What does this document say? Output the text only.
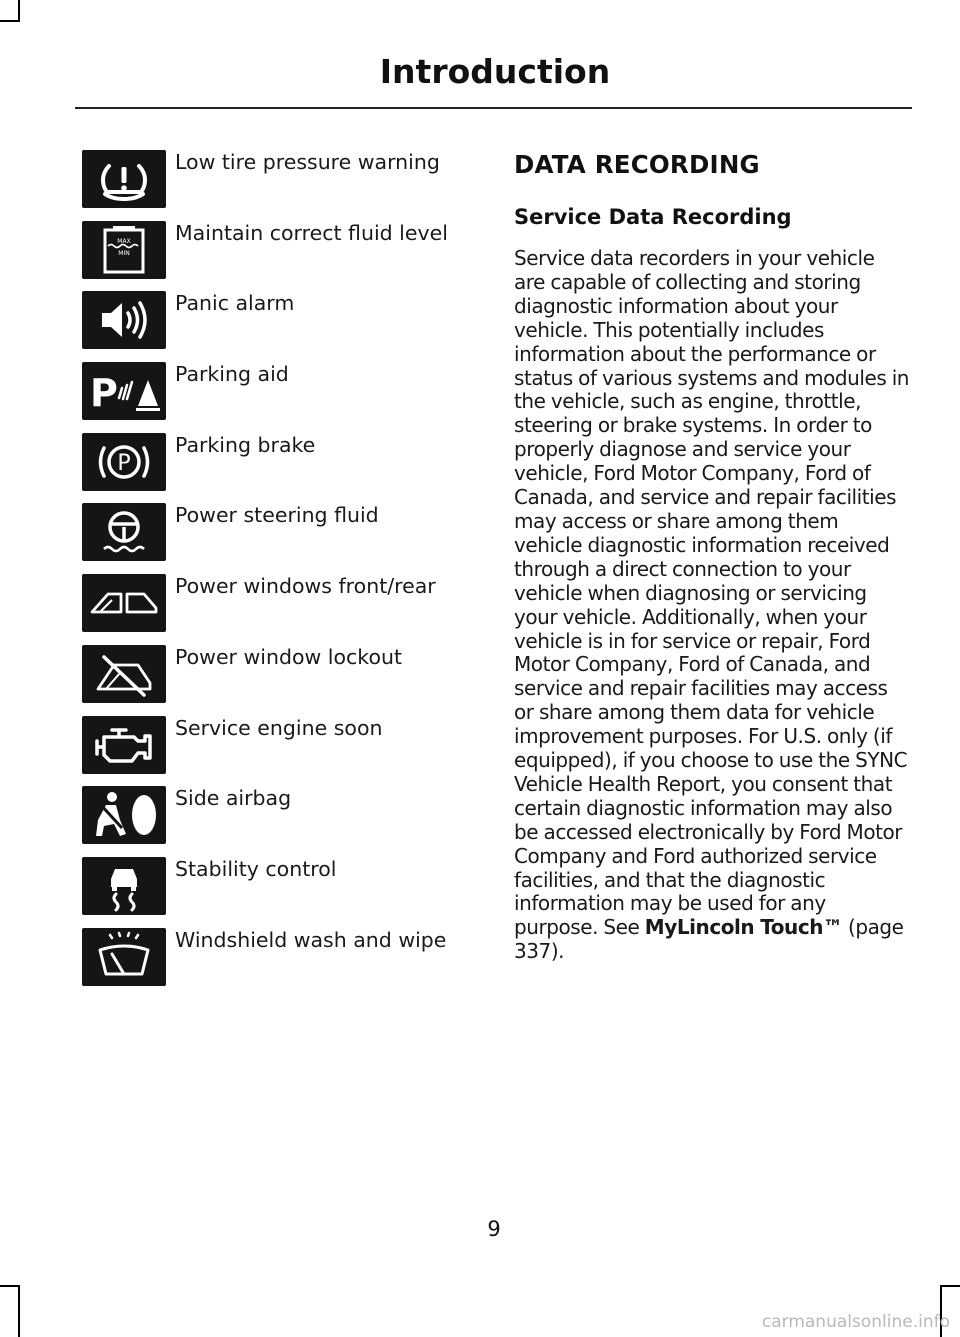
Introduction
Low tire pressure warning
MAX
MIN
Maintain correct fluid level
Panic alarm
P	Parking aid
P
Parking brake
Power steering fluid
Power windows front/rear
Power window lockout
Service engine soon
Side airbag
Stability control
Windshield wash and wipe
DATA RECORDING
Service Data Recording

Service data recorders in your vehicle are capable of collecting and storing diagnostic information about your vehicle. This potentially includes information about the performance or status of various systems and modules in the vehicle, such as engine, throttle, steering or brake systems. In order to properly diagnose and service your vehicle, Ford Motor Company, Ford of Canada, and service and repair facilities may access or share among them vehicle diagnostic information received through a direct connection to your vehicle when diagnosing or servicing your vehicle. Additionally, when your vehicle is in for service or repair, Ford Motor Company, Ford of Canada, and service and repair facilities may access or share among them data for vehicle improvement purposes. For U.S. only (if equipped), if you choose to use the SYNC Vehicle Health Report, you consent that certain diagnostic information may also be accessed electronically by Ford Motor Company and Ford authorized service facilities, and that the diagnostic information may be used for any purpose. See MyLincoln Touch™ (page 337).

9
carmanualsonline.info
